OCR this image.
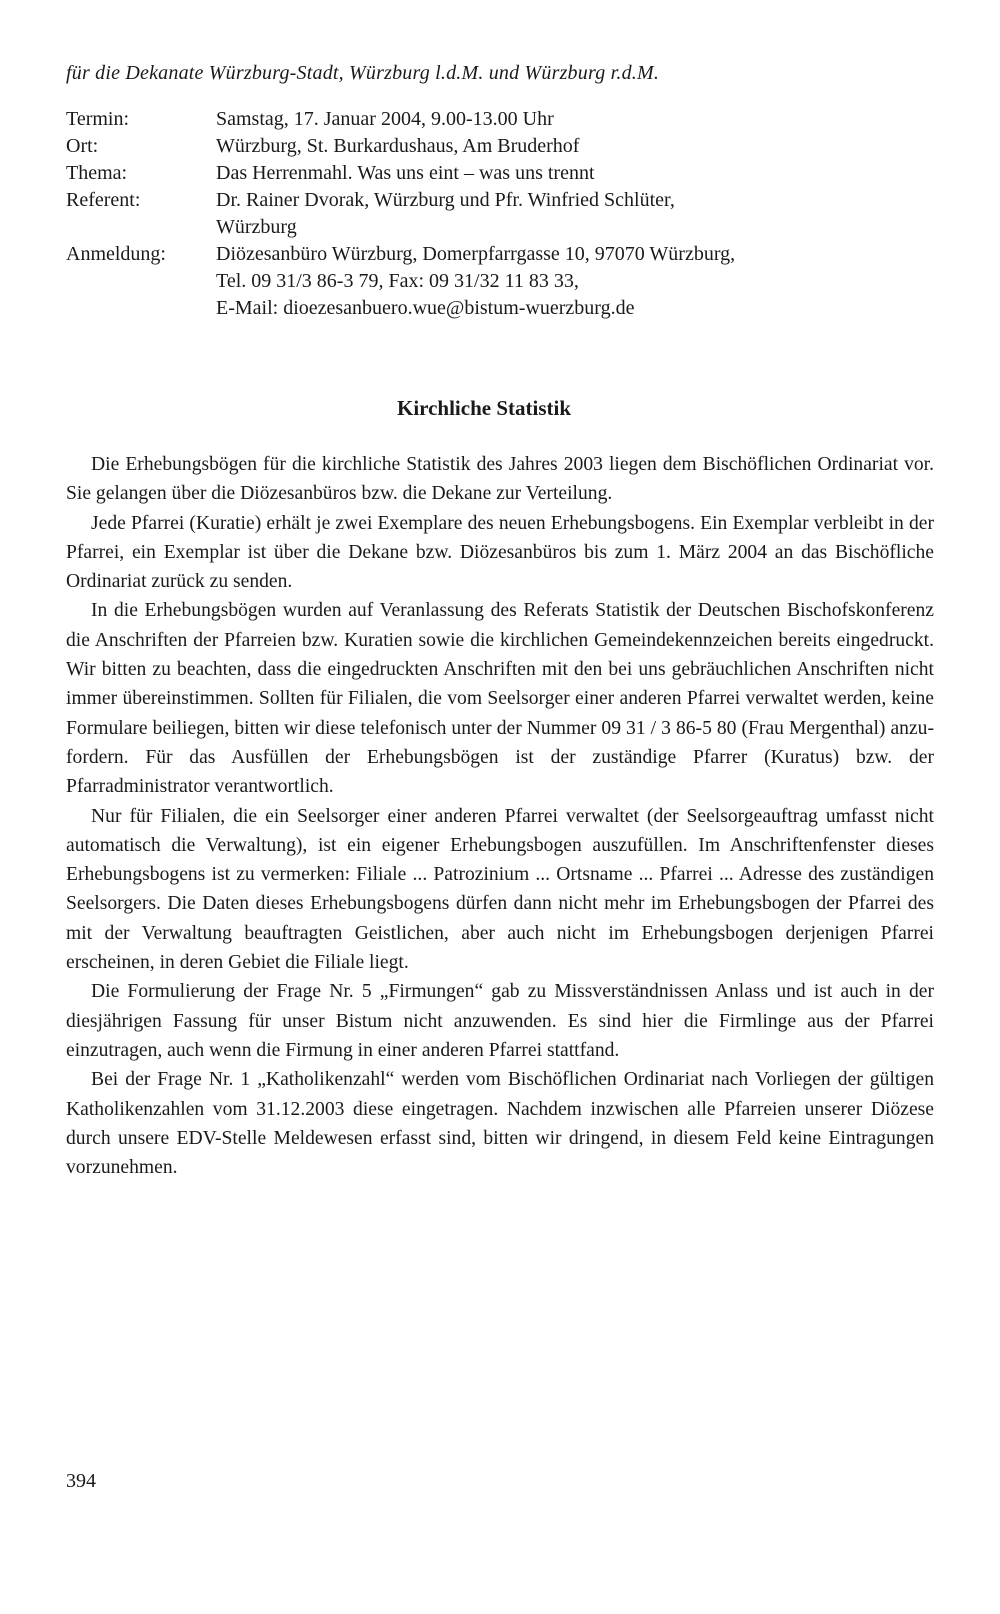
für die Dekanate Würzburg-Stadt, Würzburg l.d.M. und Würzburg r.d.M.
Termin:	Samstag, 17. Januar 2004, 9.00-13.00 Uhr
Ort:	Würzburg, St. Burkardushaus, Am Bruderhof
Thema:	Das Herrenmahl. Was uns eint – was uns trennt
Referent:	Dr. Rainer Dvorak, Würzburg und Pfr. Winfried Schlüter,
Würzburg
Anmeldung:	Diözesanbüro Würzburg, Domerpfarrgasse 10, 97070 Würzburg,
Tel. 09 31/3 86-3 79, Fax: 09 31/32 11 83 33,
E-Mail: dioezesanbuero.wue@bistum-wuerzburg.de
Kirchliche Statistik

Die Erhebungsbögen für die kirchliche Statistik des Jahres 2003 liegen dem Bischöflichen Ordinariat vor. Sie gelangen über die Diözesanbüros bzw. die Dekane zur Verteilung.

Jede Pfarrei (Kuratie) erhält je zwei Exemplare des neuen Erhebungsbogens. Ein Exemplar verbleibt in der Pfarrei, ein Exemplar ist über die Dekane bzw. Diözesanbüros bis zum 1. März 2004 an das Bischöfliche Ordinariat zurück zu senden.

In die Erhebungsbögen wurden auf Veranlassung des Referats Statistik der Deutschen Bischofskonferenz die Anschriften der Pfarreien bzw. Kuratien sowie die kirchlichen Gemeindekennzeichen bereits eingedruckt. Wir bitten zu beachten, dass die eingedruckten Anschriften mit den bei uns gebräuchlichen Anschriften nicht immer übereinstimmen. Sollten für Filialen, die vom Seelsorger einer anderen Pfarrei verwaltet werden, keine Formulare beiliegen, bitten wir diese telefonisch unter der Nummer 09 31 / 3 86-5 80 (Frau Mergenthal) anzufordern. Für das Ausfüllen der Erhebungsbögen ist der zuständige Pfarrer (Kuratus) bzw. der Pfarradministrator verantwortlich.

Nur für Filialen, die ein Seelsorger einer anderen Pfarrei verwaltet (der Seelsorgeauftrag umfasst nicht automatisch die Verwaltung), ist ein eigener Erhebungsbogen auszufüllen. Im Anschriftenfenster dieses Erhebungsbogens ist zu vermerken: Filiale ... Patrozinium ... Ortsname ... Pfarrei ... Adresse des zuständigen Seelsorgers. Die Daten dieses Erhebungsbogens dürfen dann nicht mehr im Erhebungsbogen der Pfarrei des mit der Verwaltung beauftragten Geistlichen, aber auch nicht im Erhebungsbogen derjenigen Pfarrei erscheinen, in deren Gebiet die Filiale liegt.

Die Formulierung der Frage Nr. 5 „Firmungen“ gab zu Missverständnissen Anlass und ist auch in der diesjährigen Fassung für unser Bistum nicht anzuwenden. Es sind hier die Firmlinge aus der Pfarrei einzutragen, auch wenn die Firmung in einer anderen Pfarrei stattfand.

Bei der Frage Nr. 1 „Katholikenzahl“ werden vom Bischöflichen Ordinariat nach Vorliegen der gültigen Katholikenzahlen vom 31.12.2003 diese eingetragen. Nachdem inzwischen alle Pfarreien unserer Diözese durch unsere EDV-Stelle Meldewesen erfasst sind, bitten wir dringend, in diesem Feld keine Eintragungen vorzunehmen.

394
